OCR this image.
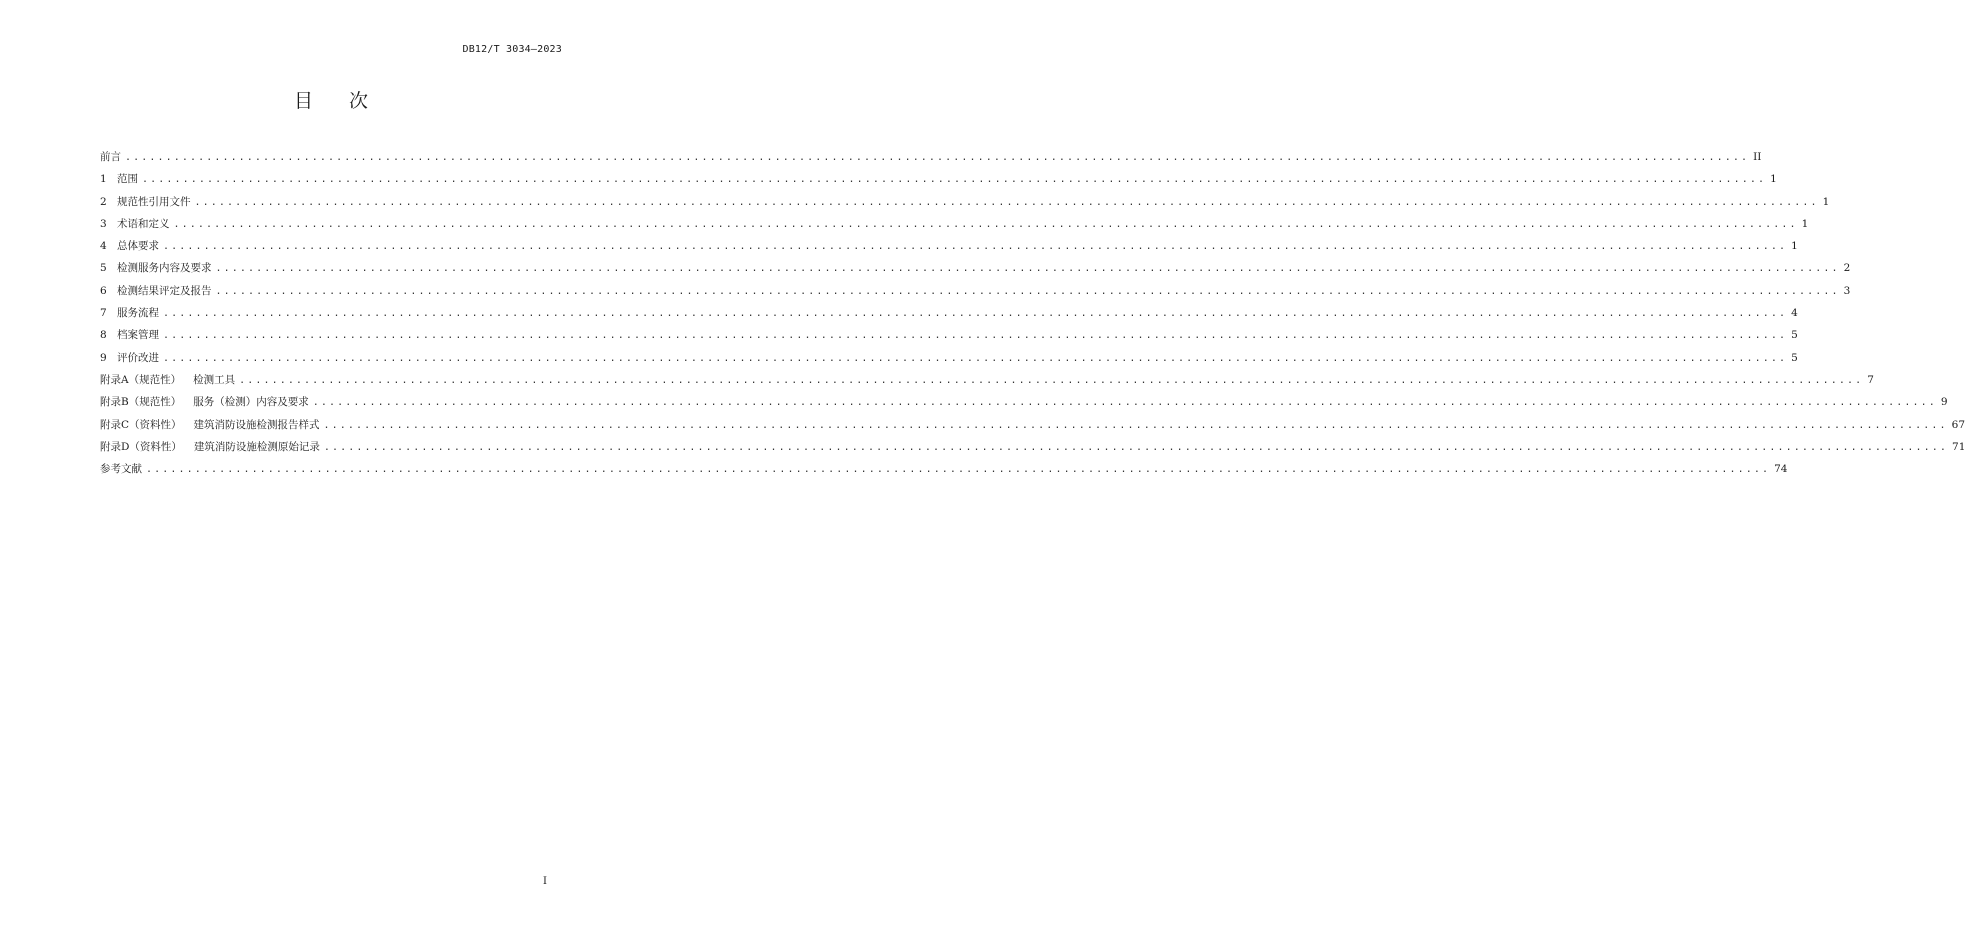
DB12/T 3034—2023
目 次
前言 ........................................................................................................................................................................................................ II
1 范围 ........................................................................................................................................................................................................ 1
2 规范性引用文件 ........................................................................................................................................................................................................ 1
3 术语和定义 ........................................................................................................................................................................................................ 1
4 总体要求 ........................................................................................................................................................................................................ 1
5 检测服务内容及要求 ........................................................................................................................................................................................................ 2
6 检测结果评定及报告 ........................................................................................................................................................................................................ 3
7 服务流程 ........................................................................................................................................................................................................ 4
8 档案管理 ........................................................................................................................................................................................................ 5
9 评价改进 ........................................................................................................................................................................................................ 5
附录A（规范性） 检测工具 ........................................................................................................................................................................................................ 7
附录B（规范性） 服务（检测）内容及要求 ........................................................................................................................................................................................................ 9
附录C（资料性） 建筑消防设施检测报告样式 ........................................................................................................................................................................................................ 67
附录D（资料性） 建筑消防设施检测原始记录 ........................................................................................................................................................................................................ 71
参考文献 ........................................................................................................................................................................................................ 74
I
